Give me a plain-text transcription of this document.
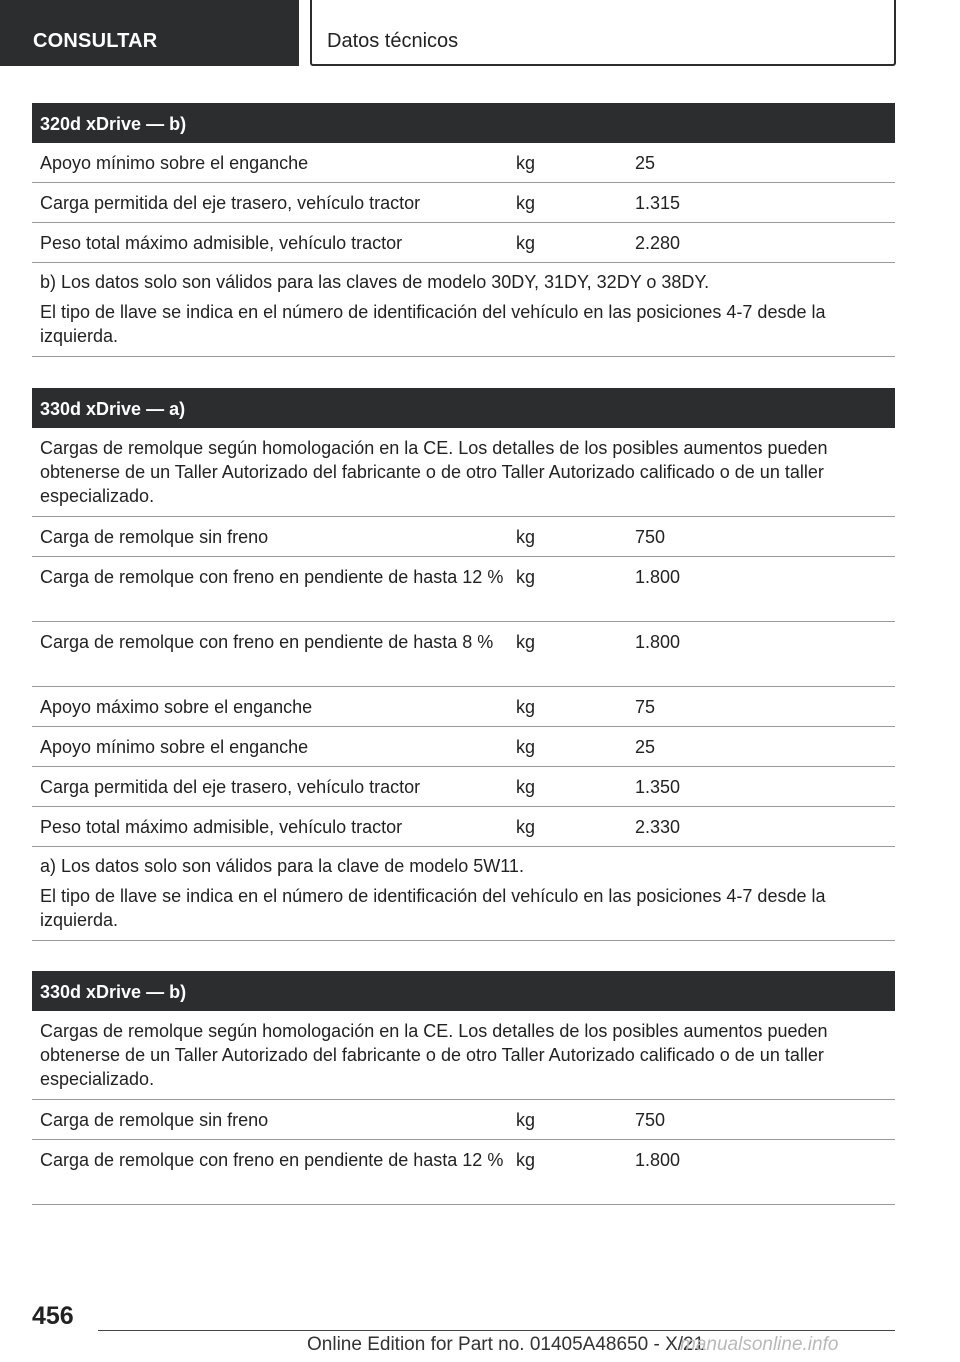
CONSULTAR	Datos técnicos
320d xDrive — b)
Apoyo mínimo sobre el enganche	kg	25
Carga permitida del eje trasero, vehículo tractor	kg	1.315
Peso total máximo admisible, vehículo tractor	kg	2.280

b) Los datos solo son válidos para las claves de modelo 30DY, 31DY, 32DY o 38DY.

El tipo de llave se indica en el número de identificación del vehículo en las posiciones 4-7 desde la izquierda.

330d xDrive — a)
Cargas de remolque según homologación en la CE. Los detalles de los posibles aumentos pueden obtenerse de un Taller Autorizado del fabricante o de otro Taller Autorizado calificado o de un taller especializado.
Carga de remolque sin freno	kg	750
Carga de remolque con freno en pendiente de hasta 12 % kg	1.800
Carga de remolque con freno en pendiente de hasta 8 %	kg	1.800
Apoyo máximo sobre el enganche	kg	75
Apoyo mínimo sobre el enganche	kg	25
Carga permitida del eje trasero, vehículo tractor	kg	1.350
Peso total máximo admisible, vehículo tractor	kg	2.330

a) Los datos solo son válidos para la clave de modelo 5W11.

El tipo de llave se indica en el número de identificación del vehículo en las posiciones 4-7 desde la izquierda.

330d xDrive — b)
Cargas de remolque según homologación en la CE. Los detalles de los posibles aumentos pueden obtenerse de un Taller Autorizado del fabricante o de otro Taller Autorizado calificado o de un taller especializado.
Carga de remolque sin freno	kg	750
Carga de remolque con freno en pendiente de hasta 12 % kg	1.800
456
Online Edition for Part no. 01405A48650 - X/21
manualsonline.info
